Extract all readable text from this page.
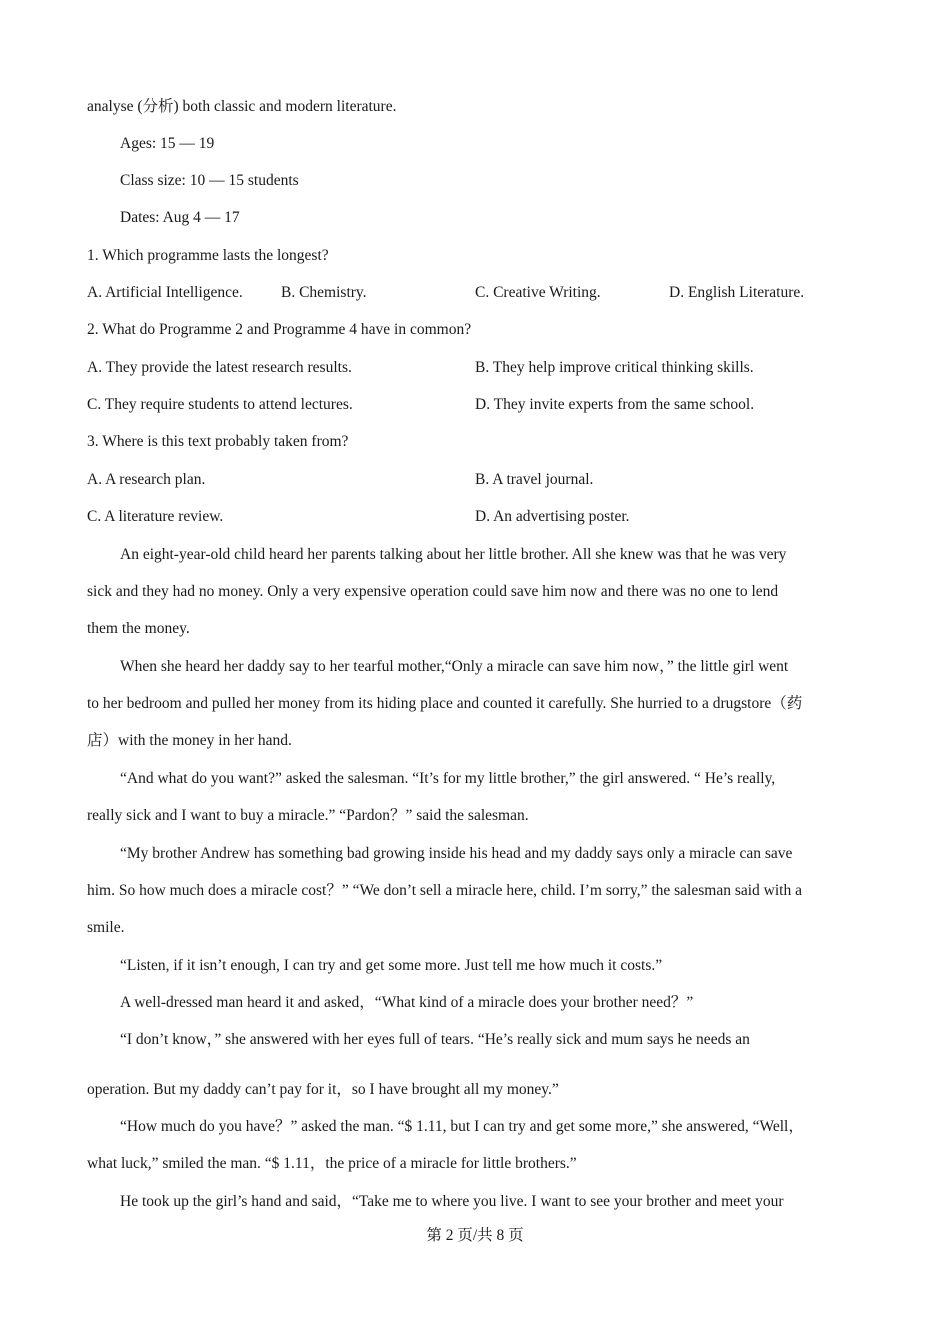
analyse (分析) both classic and modern literature.
Ages: 15 — 19
Class size: 10 — 15 students
Dates: Aug 4 — 17
1. Which programme lasts the longest?
A. Artificial Intelligence. B. Chemistry.	C. Creative Writing.	D. English Literature.
2. What do Programme 2 and Programme 4 have in common?
A. They provide the latest research results.	B. They help improve critical thinking skills.
C. They require students to attend lectures.	D. They invite experts from the same school.
3. Where is this text probably taken from?
A. A research plan.	B. A travel journal.
C. A literature review.	D. An advertising poster.
An eight-year-old child heard her parents talking about her little brother. All she knew was that he was very
sick and they had no money. Only a very expensive operation could save him now and there was no one to lend
them the money.
When she heard her daddy say to her tearful mother,“Only a miracle can save him now，” the little girl went
to her bedroom and pulled her money from its hiding place and counted it carefully. She hurried to a drugstore（药
店）with the money in her hand.
“And what do you want?” asked the salesman. “It’s for my little brother,” the girl answered. “ He’s really,
really sick and I want to buy a miracle.” “Pardon？” said the salesman.
“My brother Andrew has something bad growing inside his head and my daddy says only a miracle can save
him. So how much does a miracle cost？” “We don’t sell a miracle here, child. I’m sorry,” the salesman said with a
smile.
“Listen, if it isn’t enough, I can try and get some more. Just tell me how much it costs.”
A well-dressed man heard it and asked，“What kind of a miracle does your brother need？”
“I don’t know，” she answered with her eyes full of tears. “He’s really sick and mum says he needs an
operation. But my daddy can’t pay for it，so I have brought all my money.”
“How much do you have？” asked the man. “$ 1.11, but I can try and get some more,” she answered, “Well，
what luck,” smiled the man. “$ 1.11，the price of a miracle for little brothers.”
He took up the girl’s hand and said，“Take me to where you live. I want to see your brother and meet your
第 2 页/共 8 页
